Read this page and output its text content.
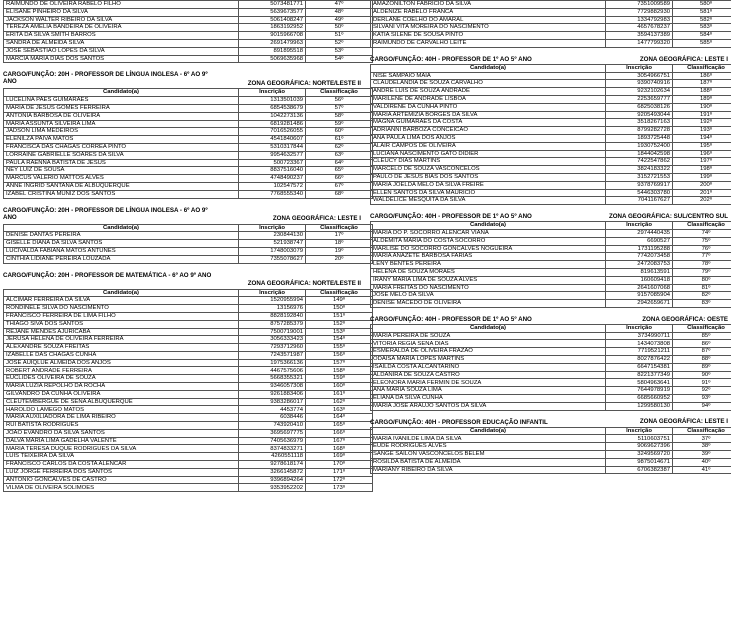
RAIMUNDO DE OLIVEIRA RABELO FILHO	5073481771	47º
ELISANE PINHEIRO DA SILVA	5639673577	48º
JACKSON WALTER RIBEIRO DA SILVA	5061408247	49º
TEREZA AMELIA BANDEIRA DE OLIVEIRA	1863192952	50º
ERITA DA SILVA SMITH BARROS	9015966708	51º
SANDRA DE ALMEIDA SILVA	2691479963	52º
JOSE SEBASTIAO LOPES DA SILVA	891895518	53º
MARCIA MARIA DIAS DOS SANTOS	5069635968	54º
CARGO/FUNÇÃO: 20H - PROFESSOR DE LÍNGUA INGLESA - 6º AO 9º ANO	ZONA GEOGRÁFICA: NORTE/LESTE II
Candidato(a)	Inscrição	Classificação
LUCELINA PAES GUIMARAES	1313501039	56º
MARIA DE JESUS GOMES FERREIRA	6854538679	57º
ANTONIA BARBOSA DE OLIVEIRA	1042273136	58º
MARIA ASSUNTA SILVEIRA LIMA	6819281486	59º
JADSON LIMA MEDEIROS	7016526055	60º
ELENILZA PAIVA MATOS	4541840607	61º
FRANCISCA DAS CHAGAS CORREA PINTO	5310317844	62º
LORRAINE GABRIELLE SOARES DA SILVA	9954632577	63º
PAULA RAENNA BATISTA DE JESUS	500723367	64º
NEY LUIZ DE SOUSA	8837516040	65º
MARCUS VALERIO MATTOS ALVES	4748490237	66º
ANNE INGRID SANTANA DE ALBUQUERQUE	102547572	67º
IZABEL CRISTINA MUNIZ DOS SANTOS	7768555340	68º
CARGO/FUNÇÃO: 20H - PROFESSOR DE LÍNGUA INGLESA - 6º AO 9º ANO	ZONA GEOGRÁFICA: LESTE I
Candidato(a)	Inscrição	Classificação
DENISE DANTAS PEREIRA	230844130	17º
GISELLE DIANA DA SILVA SANTOS	521938747	18º
LUCIVALDA FABIANA MATOS ANTUNES	1748003079	19º
CINTHIA LIDIANE PEREIRA LOUZADA	7355078627	20º
CARGO/FUNÇÃO: 20H - PROFESSOR DE MATEMÁTICA - 6º AO 9º ANO
ZONA GEOGRÁFICA: NORTE/LESTE II
Candidato(a)	Inscrição	Classificação
ALCIMAR FERREIRA DA SILVA	1520955994	149º
RONDINELE SILVA DO NASCIMENTO	13156976	150º
FRANCISCO FERREIRA DE LIMA FILHO	8828192840	151º
THIAGO SIVA DOS SANTOS	8757285379	152º
REJANE MENDES AJURICABA	7500719001	153º
JERUSA HELENA DE OLIVEIRA FERREIRA	3056333423	154º
ALEXANDRE SOUZA FREITAS	7293712960	155º
IZABELLE DAS CHAGAS CUNHA	7243571987	156º
JOSE AUIQLUE ALMEIDA DOS ANJOS	1975366136	157º
ROBERT ANDRADE FERREIRA	4467575606	158º
EUCLIDES OLIVEIRA DE SOUZA	5668355321	159º
MARIA LUZIA REPOLHO DA ROCHA	9346057308	160º
GILVANDRO DA CUNHA OLIVEIRA	9261883406	161º
CLEUTEMBERGUE DE SENA ALBUQUERQUE	9383286017	162º
HAROLDO LAMEGO MATOS	4453774	163º
MARIA AUXILIADORA DE LIMA RIBEIRO	6038446	164º
RUI BATISTA RODRIGUES	743920410	165º
JOAO EVANDRO DA SILVA SANTOS	3695697775	166º
DALVA MARIA LIMA GADELHA VALENTE	7405636979	167º
MARIA TERESA DUQUE RODRIGUES DA SILVA	8374833271	168º
LUIS TEIXEIRA DA SILVA	4260551118	169º
FRANCISCO CARLOS DA COSTA ALENCAR	9278618174	170º
LUIZ JORGE FERREIRA DOS SANTOS	3266145872	171º
ANTONIO GONCALVES DE CASTRO	9396894264	172º
VILMA DE OLIVEIRA SOLIMOES	9353952202	173º
AMAZONILTON FABRICIO DA SILVA	7351009589	580º
ALDENIZE RABELO FRANCA	7729882930	581º
DERLANE COELHO DO AMARAL	1334792983	582º
SILVANI VITA MOREIRA DO NASCIMENTO	4657678237	583º
KATIA SILENE DE SOUSA PINTO	3594137389	584º
RAIMUNDO DE CARVALHO LEITE	1477799320	585º
CARGO/FUNÇÃO: 40H - PROFESSOR DE 1º AO 5º ANO	ZONA GEOGRÁFICA: LESTE I
Candidato(a)	Inscrição	Classificação
NISE SAMPAIO MAIA	3054966751	186º
CLAUDELANDIA DE SOUZA CARVALHO	9390740916	187º
ANDRE LUIS DE SOUZA ANDRADE	9232102634	188º
MARILENE DE ANDRADE LISBOA	2253659777	189º
VALDIRENE DA CUNHA PINTO	6825038126	190º
MARIA ARTEMIZIA BORGES DA SILVA	9205493044	191º
MAGNA GUIMARAES DA COSTA	3518267163	192º
ADRIANNI BARBOZA CONCEICAO	8799282728	193º
ANA PAULA LIMA DOS ANJOS	1893725448	194º
ALAIR CAMPOS DE OLIVEIRA	1930752400	195º
LUCIANA NASCIMENTO GATO DIDIER	1844042598	196º
CLEUCY DIAS MARTINS	7422547862	197º
MARCELO DE SOUZA VASCONCELOS	3824183322	198º
PAULO DE JESUS BIAS DOS SANTOS	3152721553	199º
MARIA JOELDA MELO DA SILVA FREIRE	9378769917	200º
ELLEN SANTOS DA SILVA MAURICIO	5446303780	201º
WALDELICE MESQUITA DA SILVA	7041167627	202º
CARGO/FUNÇÃO: 40H - PROFESSOR DE 1º AO 5º ANO	ZONA GEOGRÁFICA: SUL/CENTRO SUL
Candidato(a)	Inscrição	Classificação
MARIA DO P. SOCORRO ALENCAR VIANA	2974440435	74º
ALDEMITA MARIA DO COSTA SOCORRO	6690527	75º
MARLISE DO SOCORRO GONCALVES NOGUEIRA	1731195288	76º
MARIA ANAZETE BARBOSA FARIAS	7742073458	77º
LENY BENTES PEREIRA	2472083753	78º
HELENA DE SOUZA MORAES	819613591	79º
IRANY MARIA LIMA DE SOUZA ALVES	160609418	80º
MARIA FREITAS DO NASCIMENTO	2641607068	81º
JOSE MELO DA SILVA	9157085904	82º
DENISE MACEDO DE OLIVEIRA	2942659671	83º
CARGO/FUNÇÃO: 40H - PROFESSOR DE 1º AO 5º ANO	ZONA GEOGRÁFICA: OESTE
Candidato(a)	Inscrição	Classificação
MARIA PEREIRA DE SOUZA	3734990711	85º
VITORIA REGIA SENA DIAS	1434073808	86º
ESMERALDA DE OLIVEIRA FRAZAO	7719521211	87º
ODAISA MARIA LOPES MARTINS	8027876422	88º
ISAILDA COSTA ALCANTARINO	6647154381	89º
ALDANIRA DE SOUZA CASTRO	8221377349	90º
ELEONORA MARIA FERMIN DE SOUZA	5804963641	91º
ANA MARIA SOUZA LIMA	7644978919	92º
ELIANA DA SILVA CUNHA	6685660952	93º
MARIA JOSE ARAUJO SANTOS DA SILVA	1299580130	94º
CARGO/FUNÇÃO: 40H - PROFESSOR EDUCAÇÃO INFANTIL	ZONA GEOGRÁFICA: LESTE I
Candidato(a)	Inscrição	Classificação
MARIA IVANILDE LIMA DA SILVA	5110603751	37º
EUDE RODRIGUES ALVES	9069627396	38º
SANGE SAILON VASCONCELOS BELEM	3249569720	39º
ROSILDA BATISTA DE ALMEIDA	9875014671	40º
MARIANY RIBEIRO DA SILVA	6706382387	41º
